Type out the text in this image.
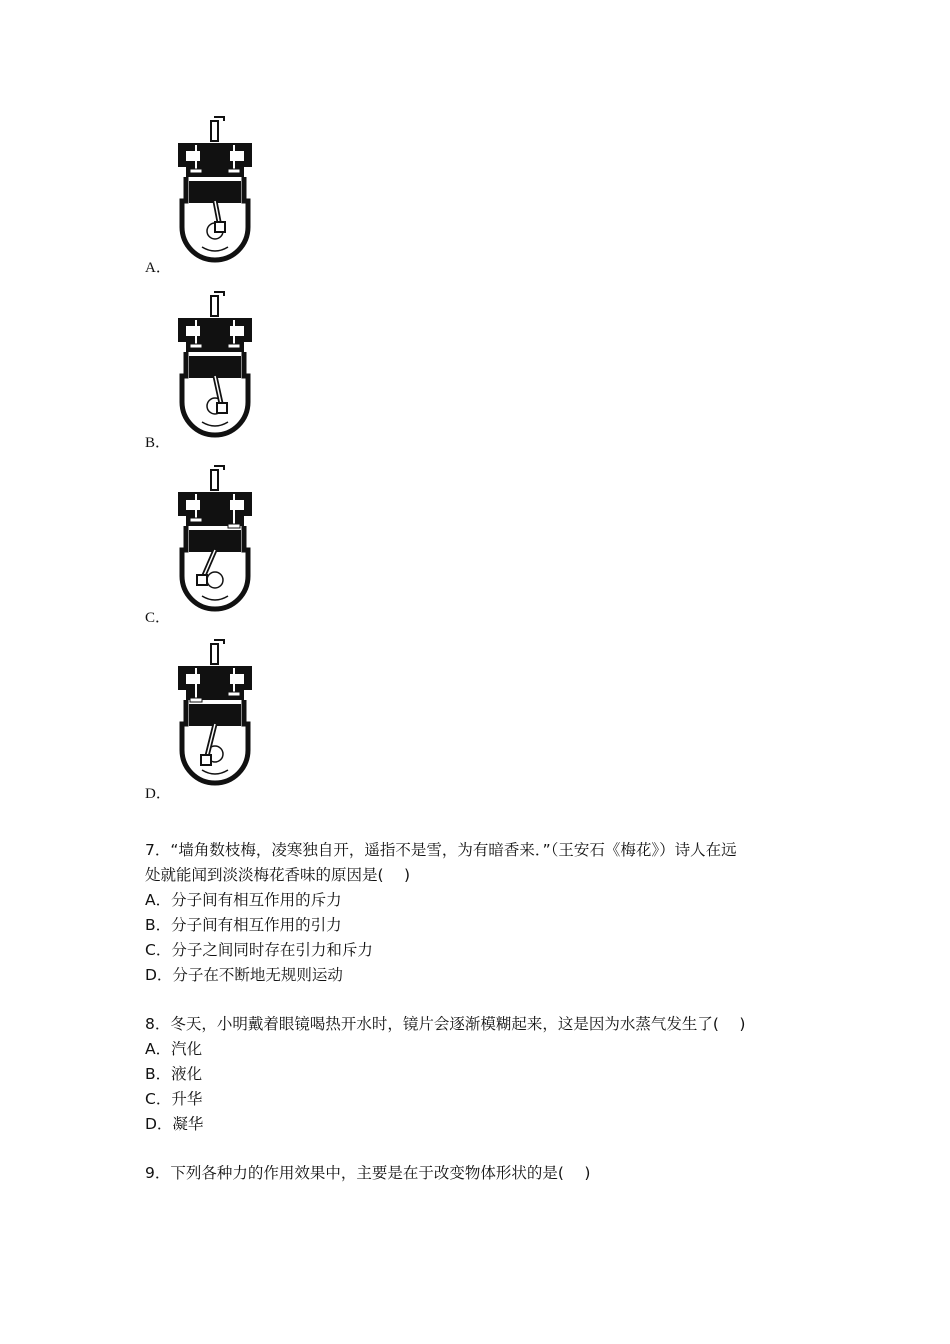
A．
B．
C．
D．
7．“墙角数枝梅，凌寒独自开，遥指不是雪，为有暗香来．”（王安石《梅花》）诗人在远
处就能闻到淡淡梅花香味的原因是(　 )
A．分子间有相互作用的斥力
B．分子间有相互作用的引力
C．分子之间同时存在引力和斥力
D．分子在不断地无规则运动
8．冬天，小明戴着眼镜喝热开水时，镜片会逐渐模糊起来，这是因为水蒸气发生了(　 )
A．汽化
B．液化
C．升华
D．凝华
9．下列各种力的作用效果中，主要是在于改变物体形状的是(　 )
